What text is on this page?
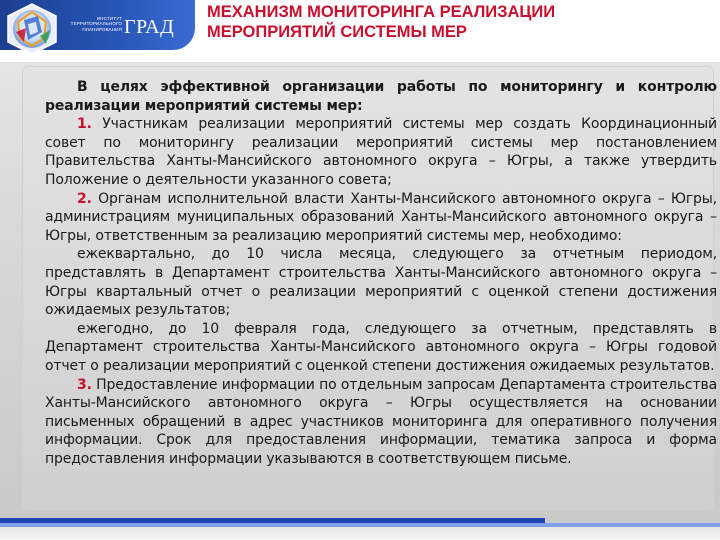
ИНСТИТУТ
ТЕРРИТОРИАЛЬНОГО
ПЛАНИРОВАНИЯ ГРАД
МЕХАНИЗМ МОНИТОРИНГА РЕАЛИЗАЦИИ
МЕРОПРИЯТИЙ СИСТЕМЫ МЕР

В целях эффективной организации работы по мониторингу и контролю реализации мероприятий системы мер:

1. Участникам реализации мероприятий системы мер создать Координационный совет по мониторингу реализации мероприятий системы мер постановлением Правительства Ханты-Мансийского автономного округа – Югры, а также утвердить Положение о деятельности указанного совета;

2. Органам исполнительной власти Ханты-Мансийского автономного округа – Югры, администрациям муниципальных образований Ханты-Мансийского автономного округа – Югры, ответственным за реализацию мероприятий системы мер, необходимо:

ежеквартально, до 10 числа месяца, следующего за отчетным периодом, представлять в Департамент строительства Ханты-Мансийского автономного округа – Югры квартальный отчет о реализации мероприятий с оценкой степени достижения ожидаемых результатов;

ежегодно, до 10 февраля года, следующего за отчетным, представлять в Департамент строительства Ханты-Мансийского автономного округа – Югры годовой отчет о реализации мероприятий с оценкой степени достижения ожидаемых результатов.

3. Предоставление информации по отдельным запросам Департамента строительства Ханты-Мансийского автономного округа – Югры осуществляется на основании письменных обращений в адрес участников мониторинга для оперативного получения информации. Срок для предоставления информации, тематика запроса и форма предоставления информации указываются в соответствующем письме.
